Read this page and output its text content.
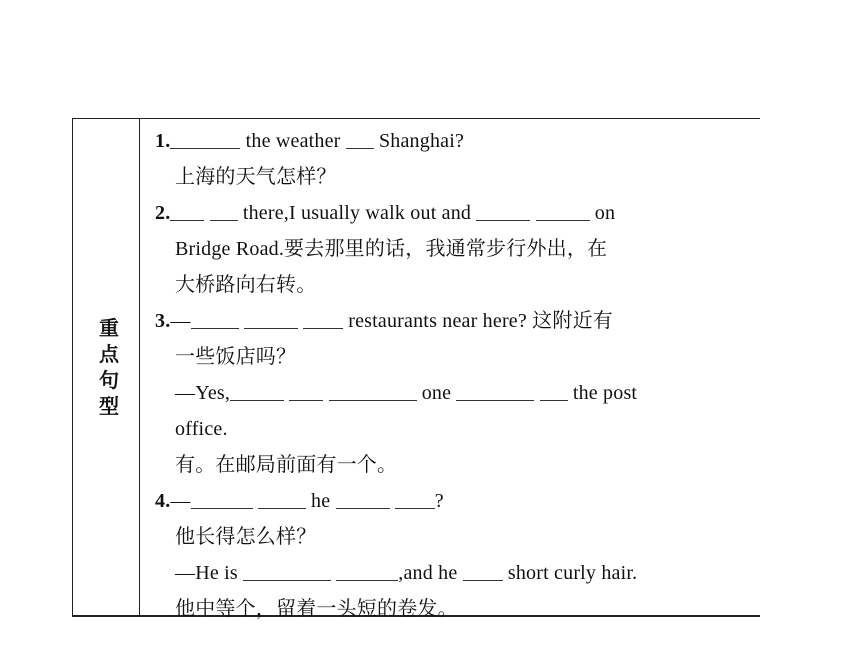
重点句型
1.	the weather Shanghai?
上海的天气怎样？
2.	there,I usually walk out and	on
Bridge Road.要去那里的话，我通常步行外出，在
大桥路向右转。
3.—	restaurants near here? 这附近有
一些饭店吗？
—Yes,	one	the post
office.
有。在邮局前面有一个。
4.—	he	?
他长得怎么样？
—He is	,and he	short curly hair.
他中等个，留着一头短的卷发。
